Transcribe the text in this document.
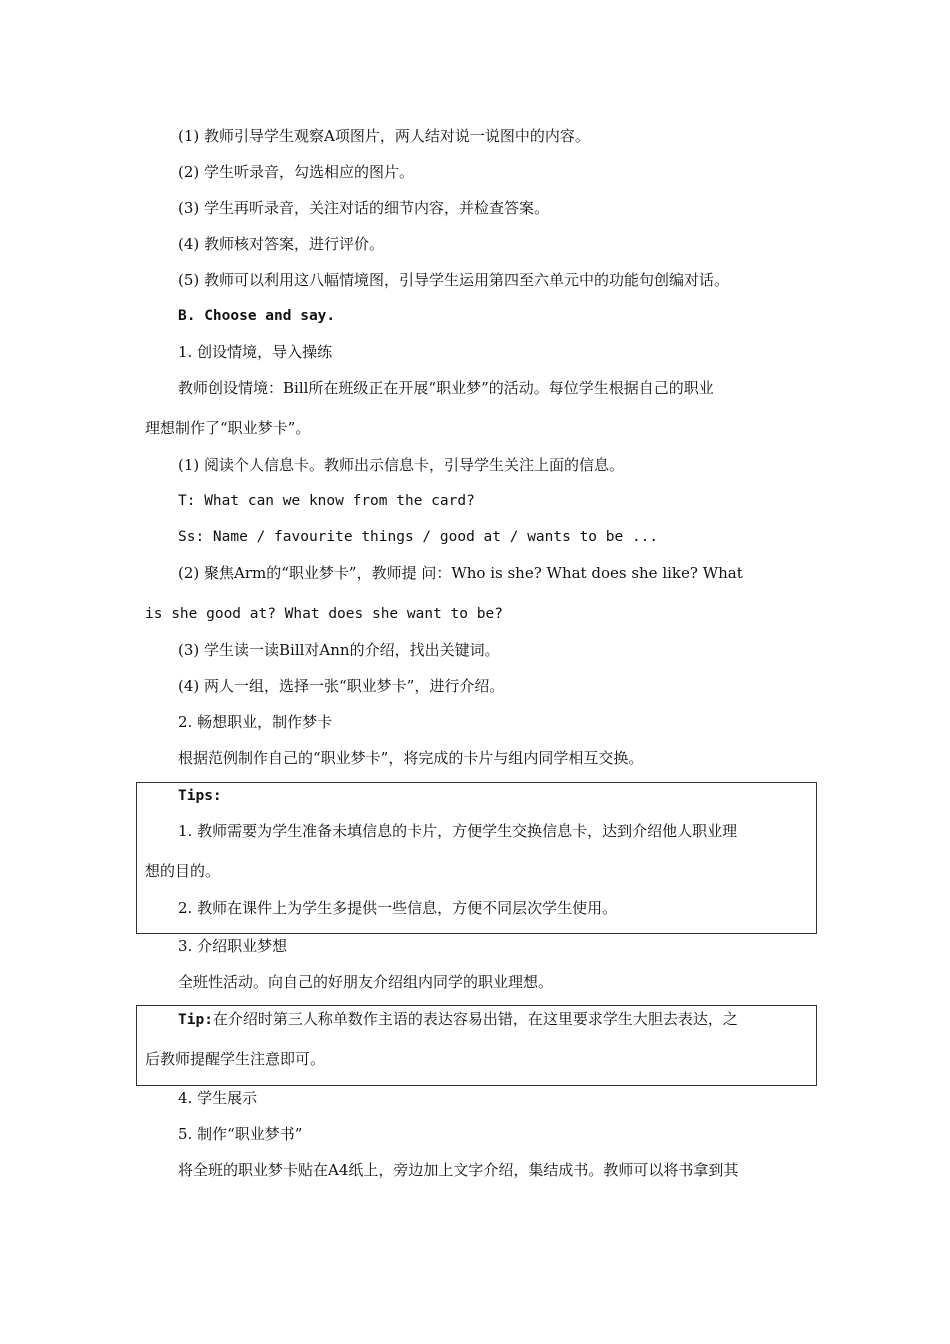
(1) 教师引导学生观察A项图片，两人结对说一说图中的内容。
(2) 学生听录音，勾选相应的图片。
(3) 学生再听录音，关注对话的细节内容，并检查答案。
(4) 教师核对答案，进行评价。
(5) 教师可以利用这八幅情境图，引导学生运用第四至六单元中的功能句创编对话。
B. Choose and say.
1. 创设情境，导入操练
教师创设情境：Bill所在班级正在开展“职业梦”的活动。每位学生根据自己的职业
理想制作了“职业梦卡”。
(1) 阅读个人信息卡。教师出示信息卡，引导学生关注上面的信息。
T: What can we know from the card?
Ss: Name / favourite things / good at / wants to be ...
(2) 聚焦Arm的“职业梦卡”，教师提 问：Who is she? What does she like? What
is she good at? What does she want to be?
(3) 学生读一读Bill对Ann的介绍，找出关键词。
(4) 两人一组，选择一张“职业梦卡”，进行介绍。
2. 畅想职业，制作梦卡
根据范例制作自己的“职业梦卡”，将完成的卡片与组内同学相互交换。
Tips:
1. 教师需要为学生准备未填信息的卡片，方便学生交换信息卡，达到介绍他人职业理
想的目的。
2. 教师在课件上为学生多提供一些信息，方便不同层次学生使用。
3. 介绍职业梦想
全班性活动。向自己的好朋友介绍组内同学的职业理想。
Tip:在介绍时第三人称单数作主语的表达容易出错，在这里要求学生大胆去表达，之
后教师提醒学生注意即可。
4. 学生展示
5. 制作“职业梦书”
将全班的职业梦卡贴在A4纸上，旁边加上文字介绍，集结成书。教师可以将书拿到其
